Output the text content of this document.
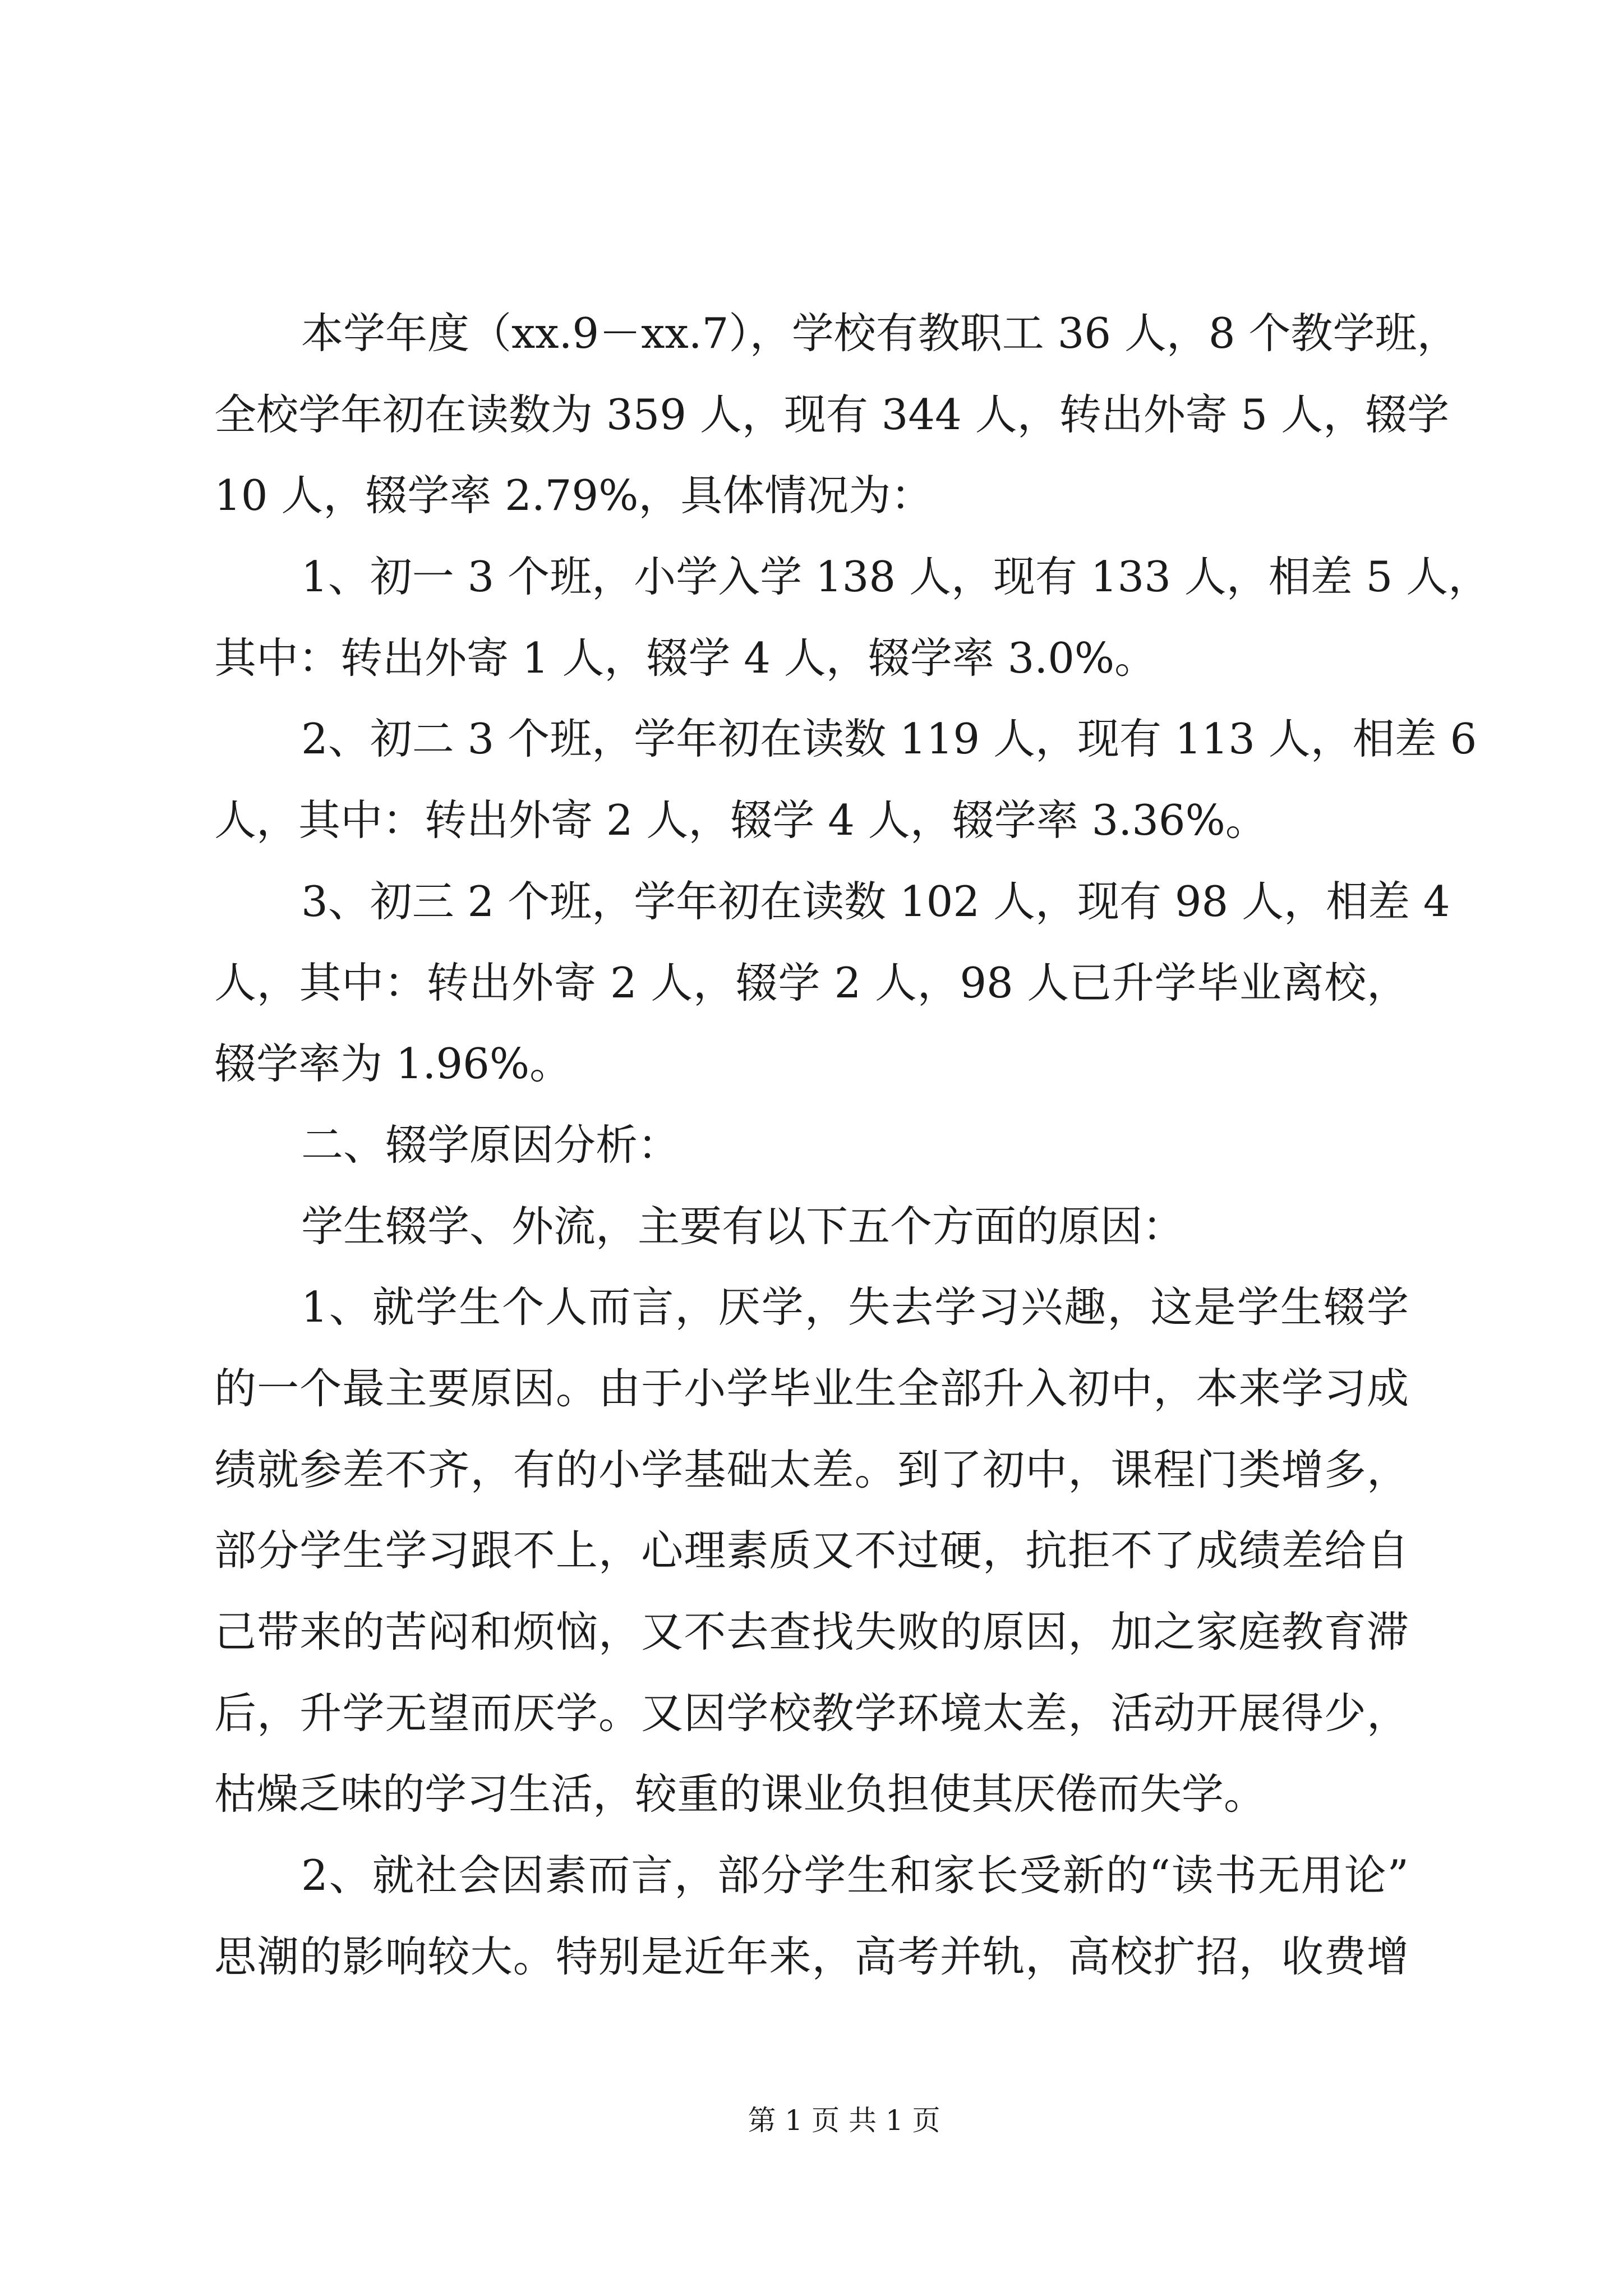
本学年度（xx.9－xx.7），学校有教职工 36 人，8 个教学班，
全校学年初在读数为 359 人，现有 344 人，转出外寄 5 人，辍学
10 人，辍学率 2.79%，具体情况为：
1、初一 3 个班，小学入学 138 人，现有 133 人，相差 5 人，
其中：转出外寄 1 人，辍学 4 人，辍学率 3.0%。
2、初二 3 个班，学年初在读数 119 人，现有 113 人，相差 6
人，其中：转出外寄 2 人，辍学 4 人，辍学率 3.36%。
3、初三 2 个班，学年初在读数 102 人，现有 98 人，相差 4
人，其中：转出外寄 2 人，辍学 2 人，98 人已升学毕业离校，
辍学率为 1.96%。
二、辍学原因分析：
学生辍学、外流，主要有以下五个方面的原因：
1、就学生个人而言，厌学，失去学习兴趣，这是学生辍学
的一个最主要原因。由于小学毕业生全部升入初中，本来学习成
绩就参差不齐，有的小学基础太差。到了初中，课程门类增多，
部分学生学习跟不上，心理素质又不过硬，抗拒不了成绩差给自
己带来的苦闷和烦恼，又不去查找失败的原因，加之家庭教育滞
后，升学无望而厌学。又因学校教学环境太差，活动开展得少，
枯燥乏味的学习生活，较重的课业负担使其厌倦而失学。
2、就社会因素而言，部分学生和家长受新的“读书无用论”
思潮的影响较大。特别是近年来，高考并轨，高校扩招，收费增
第 1 页 共 1 页
